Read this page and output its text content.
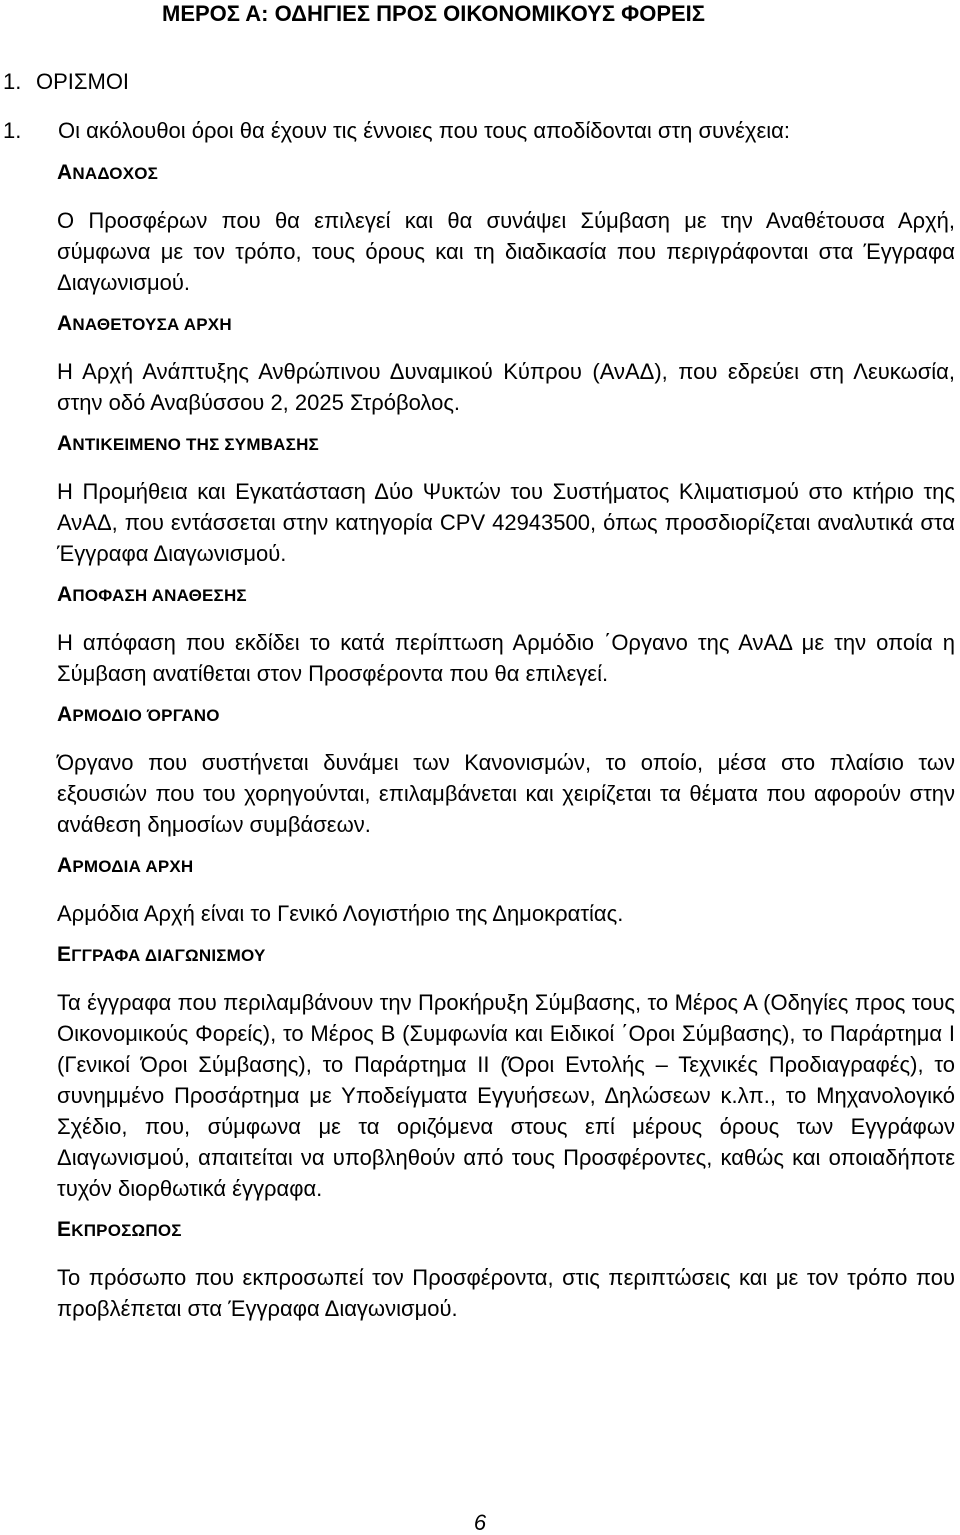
ΜΕΡΟΣ Α: ΟΔΗΓΙΕΣ ΠΡΟΣ ΟΙΚΟΝΟΜΙΚΟΥΣ ΦΟΡΕΙΣ
1. ΟΡΙΣΜΟΙ
1. Οι ακόλουθοι όροι θα έχουν τις έννοιες που τους αποδίδονται στη συνέχεια:
ΑΝΑΔΟΧΟΣ
Ο Προσφέρων που θα επιλεγεί και θα συνάψει Σύμβαση με την Αναθέτουσα Αρχή, σύμφωνα με τον τρόπο, τους όρους και τη διαδικασία που περιγράφονται στα Έγγραφα Διαγωνισμού.
ΑΝΑΘΕΤΟΥΣΑ ΑΡΧΗ
Η Αρχή Ανάπτυξης Ανθρώπινου Δυναμικού Κύπρου (ΑνΑΔ), που εδρεύει στη Λευκωσία, στην οδό Αναβύσσου 2, 2025 Στρόβολος.
ΑΝΤΙΚΕΙΜΕΝΟ ΤΗΣ ΣΥΜΒΑΣΗΣ
Η Προμήθεια και Εγκατάσταση Δύο Ψυκτών του Συστήματος Κλιματισμού στο κτήριο της ΑνΑΔ, που εντάσσεται στην κατηγορία CPV 42943500, όπως προσδιορίζεται αναλυτικά στα Έγγραφα Διαγωνισμού.
ΑΠΟΦΑΣΗ ΑΝΑΘΕΣΗΣ
Η απόφαση που εκδίδει το κατά περίπτωση Αρμόδιο ΄Οργανο της ΑνΑΔ με την οποία η Σύμβαση ανατίθεται στον Προσφέροντα που θα επιλεγεί.
ΑΡΜΟΔΙΟ ΌΡΓΑΝΟ
Όργανο που συστήνεται δυνάμει των Κανονισμών, το οποίο, μέσα στο πλαίσιο των εξουσιών που του χορηγούνται, επιλαμβάνεται και χειρίζεται τα θέματα που αφορούν στην ανάθεση δημοσίων συμβάσεων.
ΑΡΜΟΔΙΑ ΑΡΧΗ
Αρμόδια Αρχή είναι το Γενικό Λογιστήριο της Δημοκρατίας.
ΕΓΓΡΑΦΑ ΔΙΑΓΩΝΙΣΜΟΥ
Τα έγγραφα που περιλαμβάνουν την Προκήρυξη Σύμβασης, το Μέρος Α (Οδηγίες προς τους Οικονομικούς Φορείς), το Μέρος Β (Συμφωνία και Ειδικοί ΄Οροι Σύμβασης), το Παράρτημα Ι (Γενικοί Όροι Σύμβασης), το Παράρτημα ΙΙ (Όροι Εντολής – Τεχνικές Προδιαγραφές), το συνημμένο Προσάρτημα με Υποδείγματα Εγγυήσεων, Δηλώσεων κ.λπ., το Μηχανολογικό Σχέδιο, που, σύμφωνα με τα οριζόμενα στους επί μέρους όρους των Εγγράφων Διαγωνισμού, απαιτείται να υποβληθούν από τους Προσφέροντες, καθώς και οποιαδήποτε τυχόν διορθωτικά έγγραφα.
ΕΚΠΡΟΣΩΠΟΣ
Το πρόσωπο που εκπροσωπεί τον Προσφέροντα, στις περιπτώσεις και με τον τρόπο που προβλέπεται στα Έγγραφα Διαγωνισμού.
6
